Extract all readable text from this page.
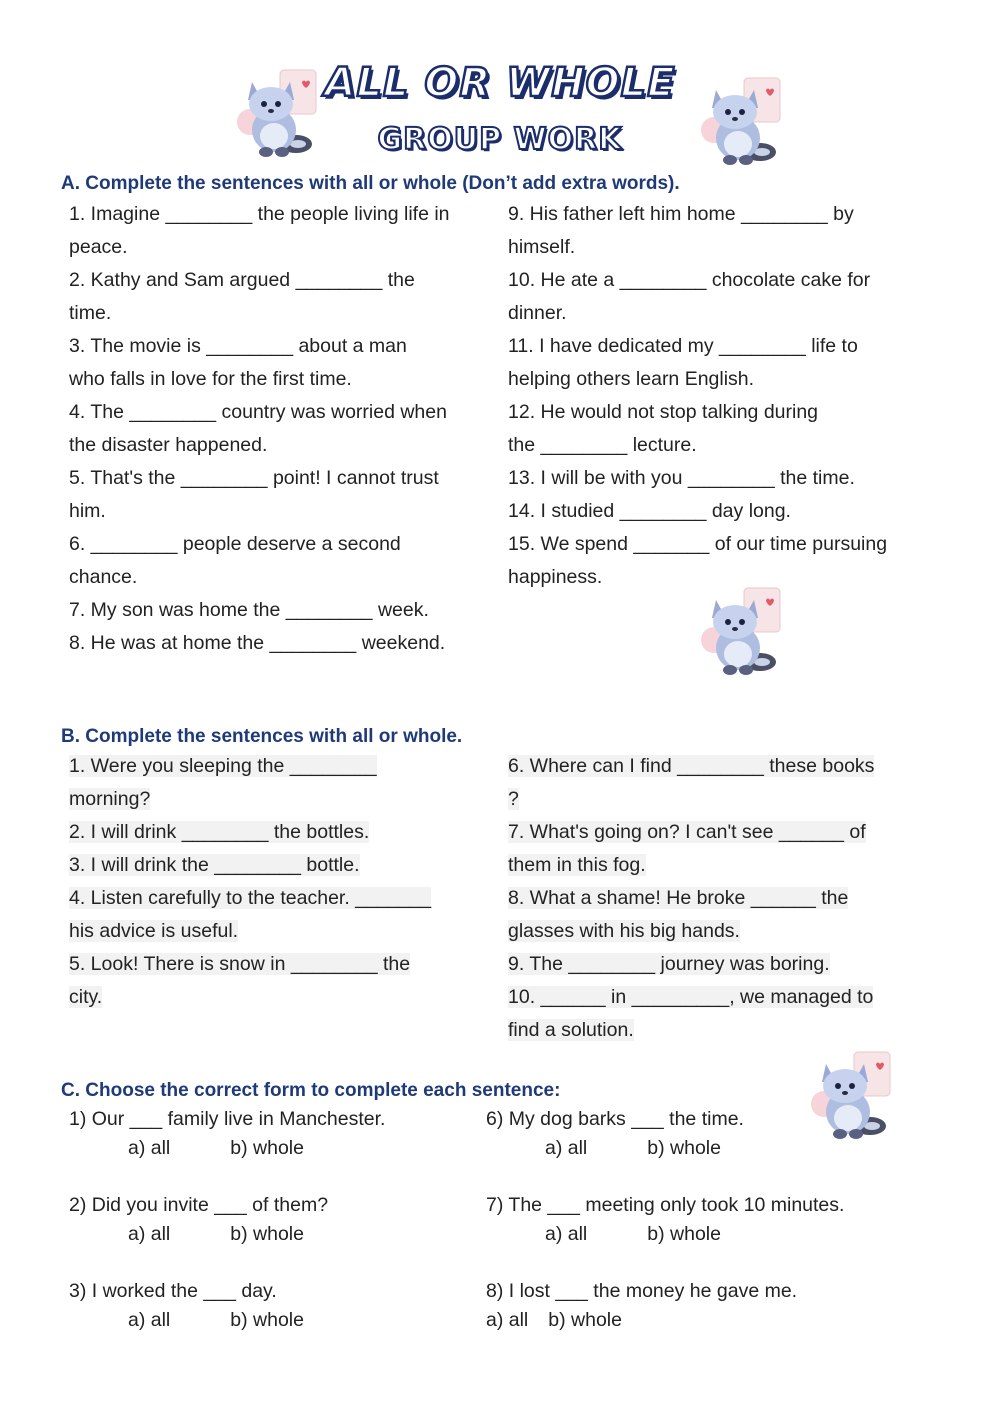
ALL OR WHOLE
GROUP WORK
A. Complete the sentences with all or whole (Don’t add extra words).

1. Imagine ________ the people living life in
peace.

2. Kathy and Sam argued ________ the
time.

3. The movie is ________ about a man
who falls in love for the first time.

4. The ________ country was worried when
the disaster happened.

5. That's the ________ point! I cannot trust
him.

6. ________ people deserve a second
chance.

7. My son was home the ________ week.

8. He was at home the ________ weekend.

9. His father left him home ________ by
himself.

10. He ate a ________ chocolate cake for
dinner.

11. I have dedicated my ________ life to
helping others learn English.

12. He would not stop talking during
the ________ lecture.

13. I will be with you ________ the time.

14. I studied ________ day long.

15. We spend _______ of our time pursuing
happiness.

B. Complete the sentences with all or whole.

1. Were you sleeping the ________
morning?

2. I will drink ________ the bottles.

3. I will drink the ________ bottle.

4. Listen carefully to the teacher. _______
his advice is useful.

5. Look! There is snow in ________ the
city.

6. Where can I find ________ these books
?

7. What's going on? I can't see ______ of
them in this fog.

8. What a shame! He broke ______ the
glasses with his big hands.

9. The ________ journey was boring.

10. ______ in _________, we managed to
find a solution.

C. Choose the correct form to complete each sentence:
1) Our ___ family live in Manchester.
a) all	b) whole
2) Did you invite ___ of them?
a) all	b) whole
3) I worked the ___ day.
a) all	b) whole
6) My dog barks ___ the time.
a) all	b) whole
7) The ___ meeting only took 10 minutes.
a) all	b) whole
8) I lost ___ the money he gave me.
a) all b) whole
